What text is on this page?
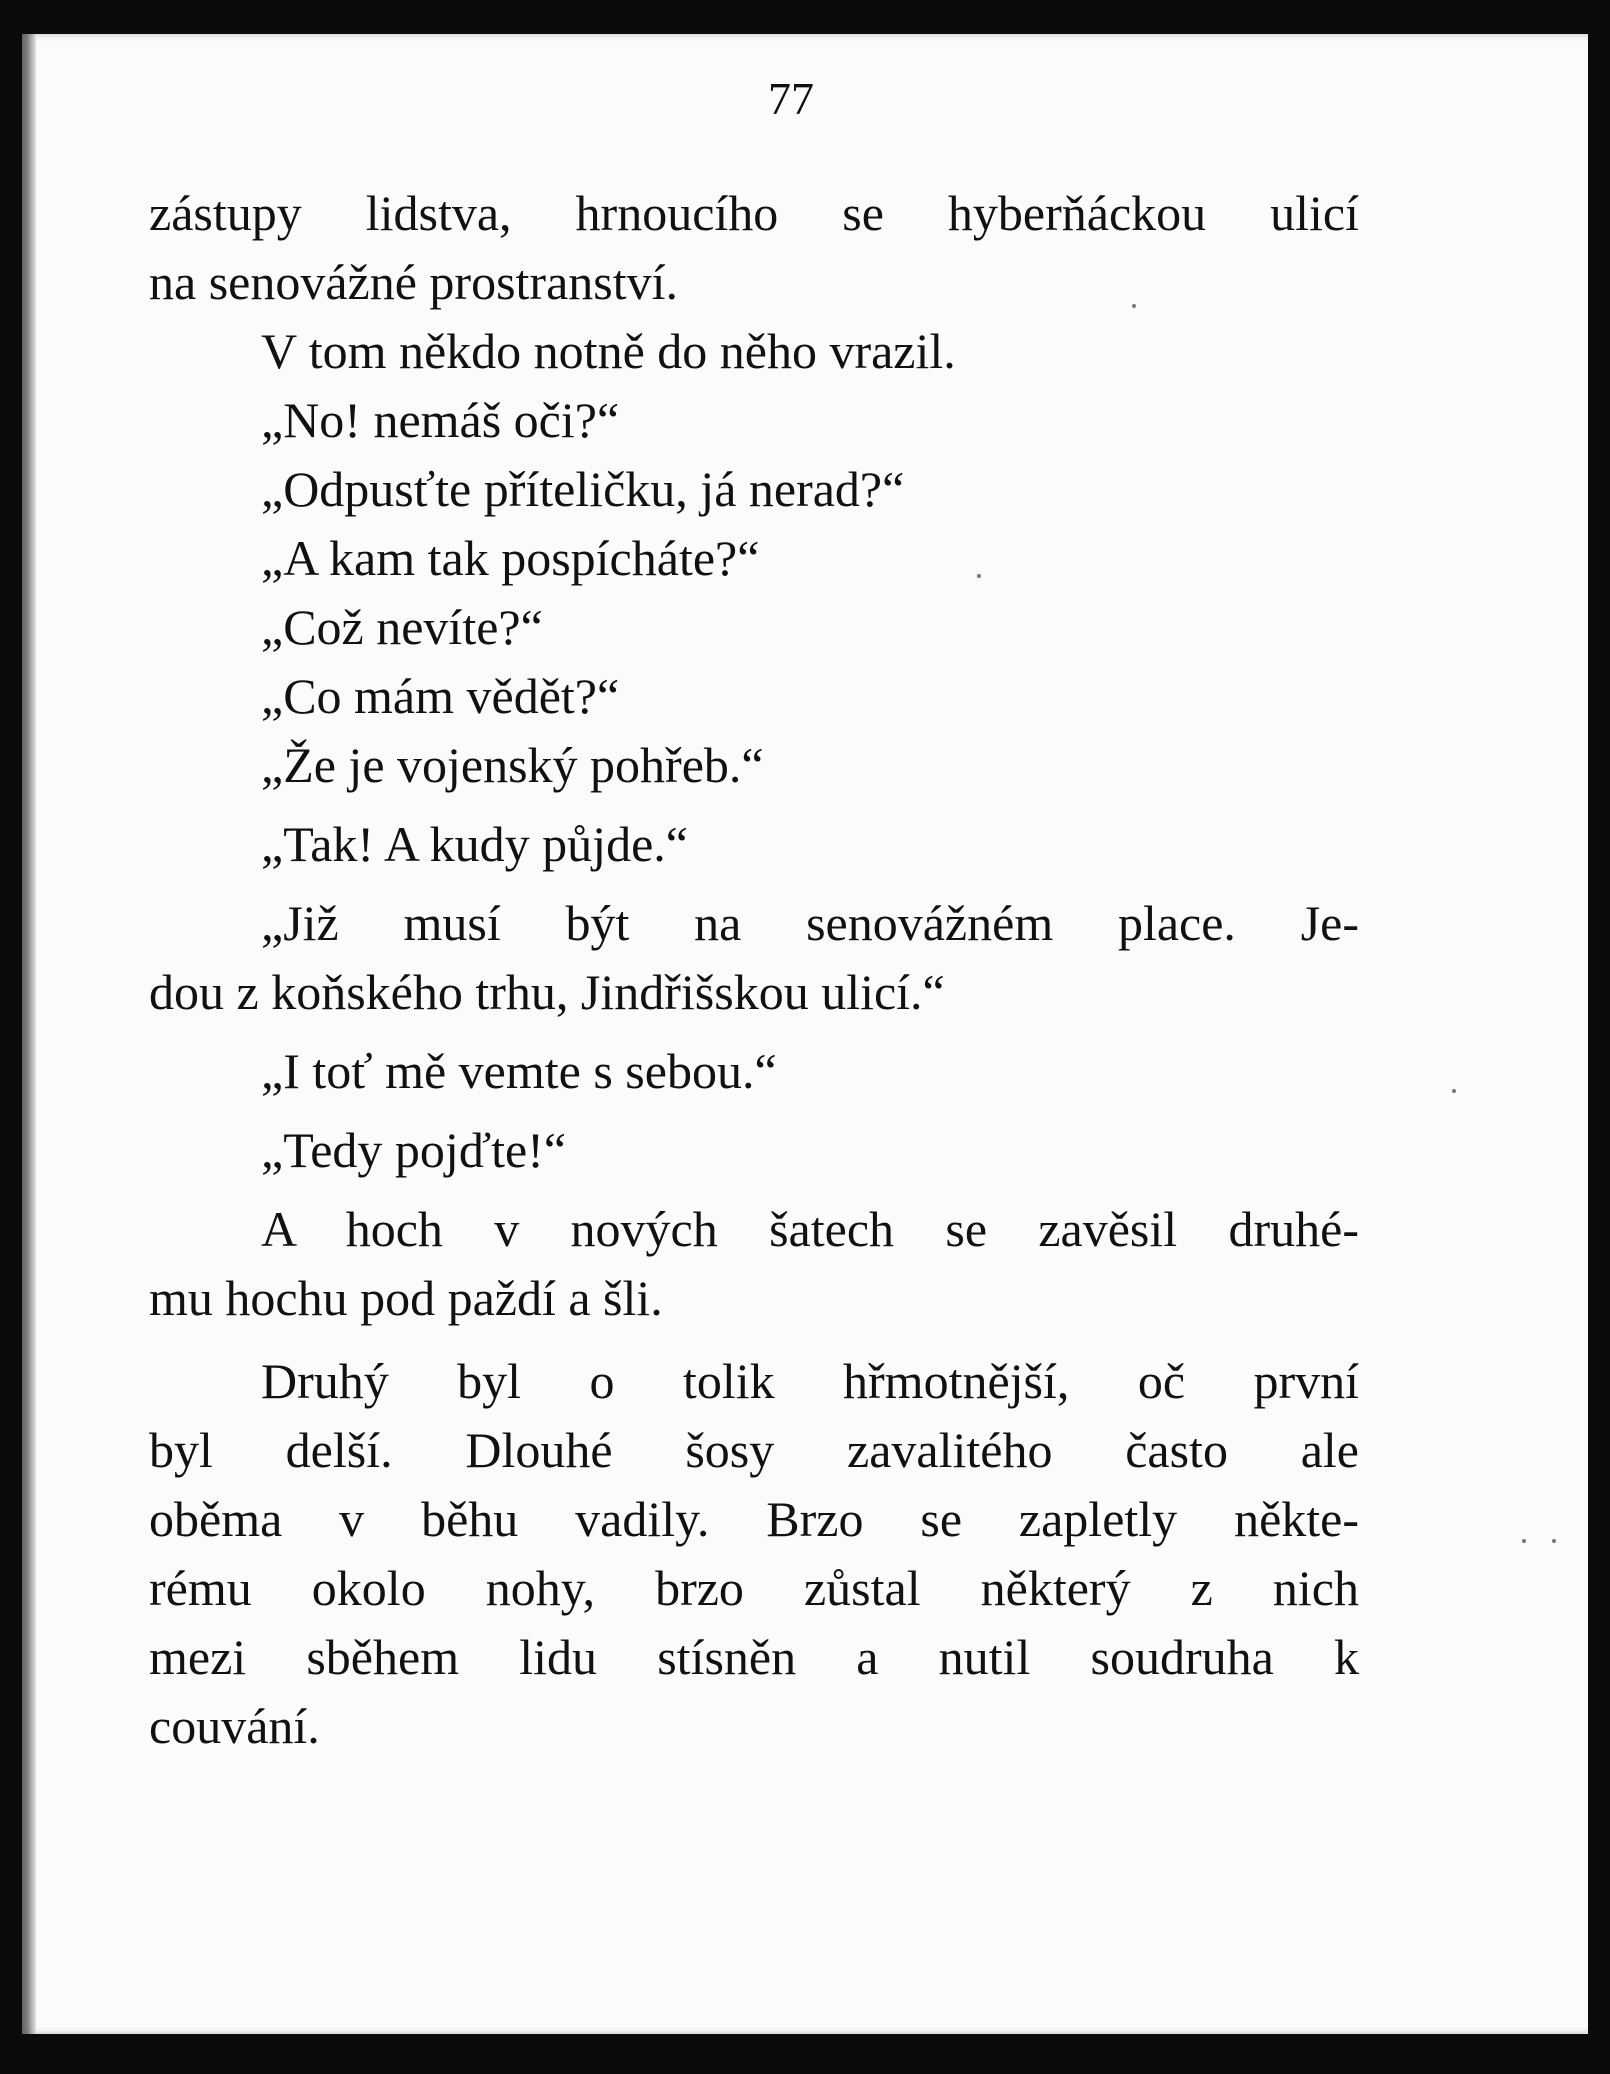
77
zástupy lidstva, hrnoucího se hyberňáckou ulicí
na senovážné prostranství.
V tom někdo notně do něho vrazil.
„No! nemáš oči?“
„Odpusťte příteličku, já nerad?“
„A kam tak pospícháte?“
„Což nevíte?“
„Co mám vědět?“
„Že je vojenský pohřeb.“
„Tak! A kudy půjde.“
„Již musí být na senovážném place. Je-
dou z koňského trhu, Jindřišskou ulicí.“
„I toť mě vemte s sebou.“
„Tedy pojďte!“
A hoch v nových šatech se zavěsil druhé-
mu hochu pod paždí a šli.
Druhý byl o tolik hřmotnější, oč první
byl delší. Dlouhé šosy zavalitého často ale
oběma v běhu vadily. Brzo se zapletly někte-
rému okolo nohy, brzo zůstal některý z nich
mezi sběhem lidu stísněn a nutil soudruha k
couvání.
